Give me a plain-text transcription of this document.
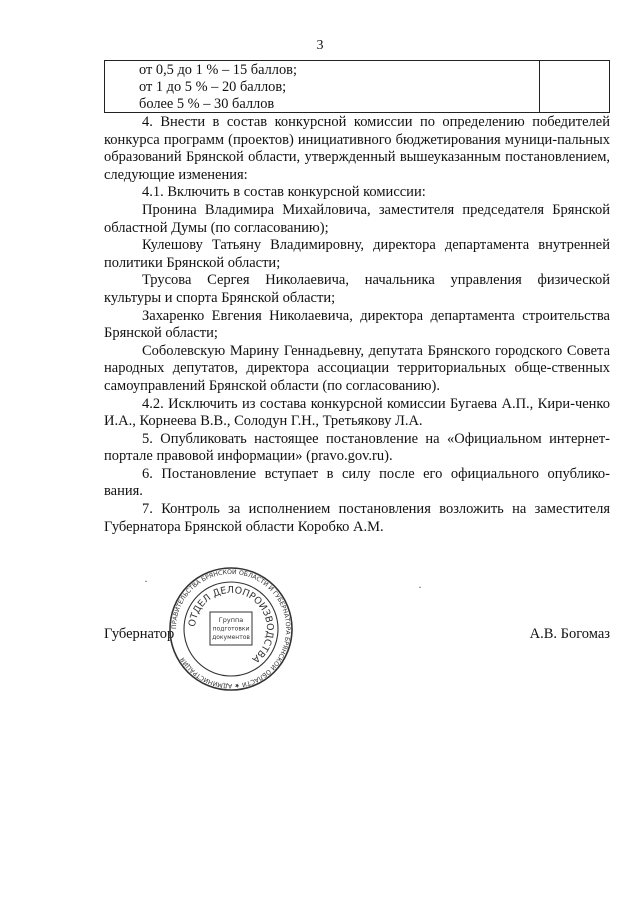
3
от 0,5 до 1 % – 15 баллов;
от 1 до 5 % – 20 баллов;
более 5 % – 30 баллов

4. Внести в состав конкурсной комиссии по определению победителей конкурса программ (проектов) инициативного бюджетирования муници-пальных образований Брянской области, утвержденный вышеуказанным постановлением, следующие изменения:

4.1. Включить в состав конкурсной комиссии:

Пронина Владимира Михайловича, заместителя председателя Брянской областной Думы (по согласованию);

Кулешову Татьяну Владимировну, директора департамента внутренней политики Брянской области;

Трусова Сергея Николаевича, начальника управления физической культуры и спорта Брянской области;

Захаренко Евгения Николаевича, директора департамента строительства Брянской области;

Соболевскую Марину Геннадьевну, депутата Брянского городского Совета народных депутатов, директора ассоциации территориальных обще-ственных самоуправлений Брянской области (по согласованию).

4.2. Исключить из состава конкурсной комиссии Бугаева А.П., Кири-ченко И.А., Корнеева В.В., Солодун Г.Н., Третьякову Л.А.

5. Опубликовать настоящее постановление на «Официальном интернет-портале правовой информации» (pravo.gov.ru).

6. Постановление вступает в силу после его официального опублико-вания.

7. Контроль за исполнением постановления возложить на заместителя Губернатора Брянской области Коробко А.М.

Губернатор	А.В. Богомаз
ПРАВИТЕЛЬСТВА БРЯНСКОЙ ОБЛАСТИ И ГУБЕРНАТОРА БРЯНСКОЙ ОБЛАСТИ ★ АДМИНИСТРАЦИЯ
ОТДЕЛ ДЕЛОПРОИЗВОДСТВА
Группа
подготовки
документов
·	·
